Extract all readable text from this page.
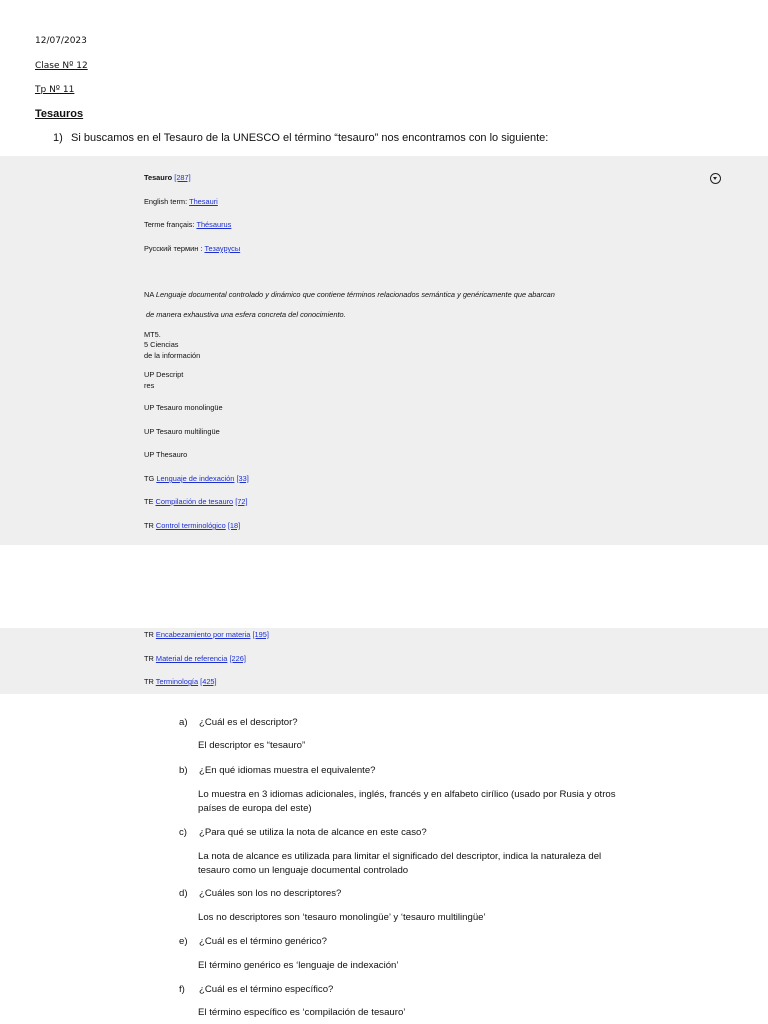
12/07/2023
Clase Nº 12
Tp Nº 11
Tesauros
1) Si buscamos en el Tesauro de la UNESCO el término “tesauro” nos encontramos con lo siguiente:
Tesauro [287]
English term: Thesauri
Terme français: Thésaurus
Русский термин : Тезаурусы
NA Lenguaje documental controlado y dinámico que contiene términos relacionados semántica y genéricamente que abarcan
de manera exhaustiva una esfera concreta del conocimiento.
MT5.
5 Ciencias
de la información
UP Descript
res
UP Tesauro monolingüe
UP Tesauro multilingüe
UP Thesauro
TG Lenguaje de indexación [33]
TE Compilación de tesauro [72]
TR Control terminológico [18]
TR Encabezamiento por materia [195]
TR Material de referencia [226]
TR Terminología [425]
a) ¿Cuál es el descriptor?
El descriptor es “tesauro”
b) ¿En qué idiomas muestra el equivalente?
Lo muestra en 3 idiomas adicionales, inglés, francés y en alfabeto cirílico (usado por Rusia y otros
países de europa del este)
c) ¿Para qué se utiliza la nota de alcance en este caso?
La nota de alcance es utilizada para limitar el significado del descriptor, indica la naturaleza del
tesauro como un lenguaje documental controlado
d) ¿Cuáles son los no descriptores?
Los no descriptores son ‘tesauro monolingüe’ y ‘tesauro multilingüe’
e) ¿Cuál es el término genérico?
El término genérico es ‘lenguaje de indexación’
f) ¿Cuál es el término específico?
El término específico es ‘compilación de tesauro’
